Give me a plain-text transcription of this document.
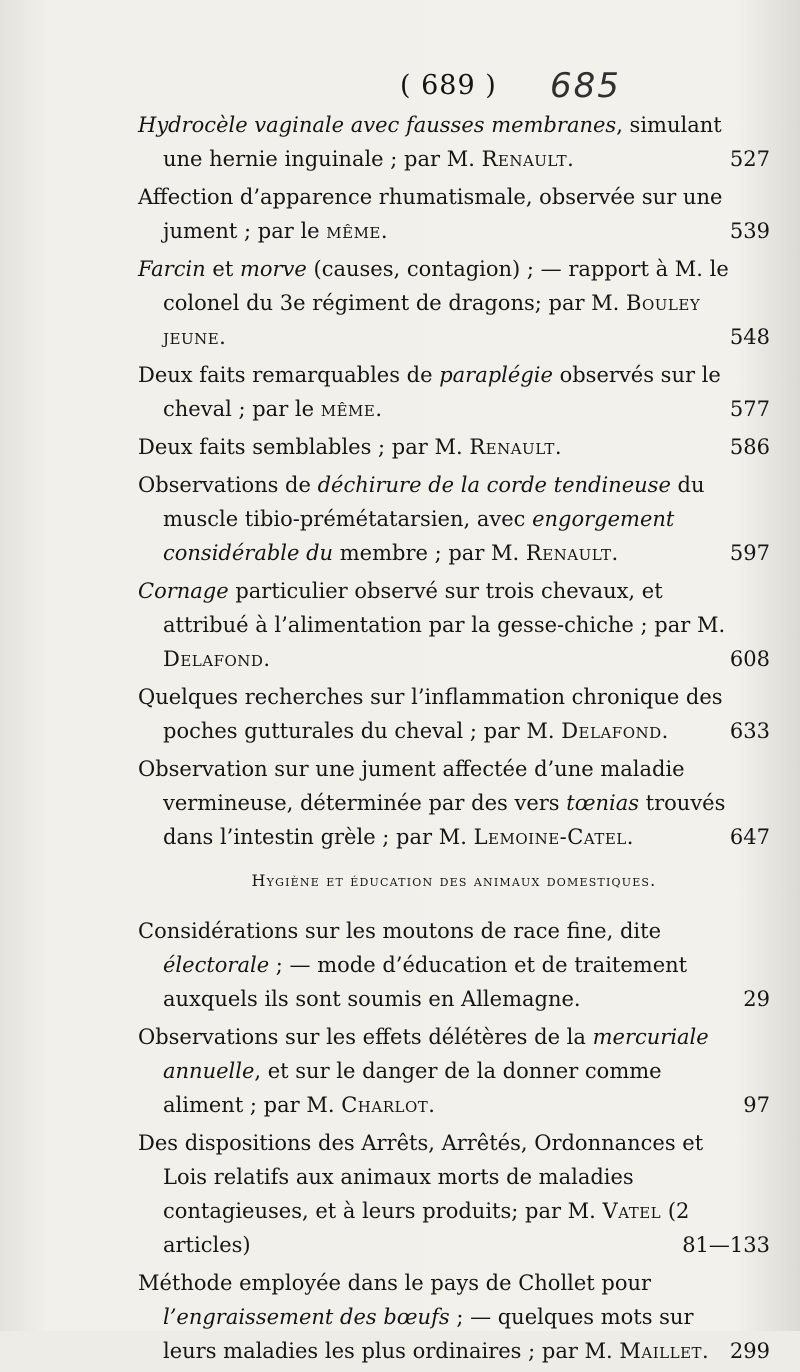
( 689 ) 685
Hydrocèle vaginale avec fausses membranes, simulant une hernie inguinale ; par M. Renault.	527
Affection d’apparence rhumatismale, observée sur une jument ; par le même.	539
Farcin et morve (causes, contagion) ; — rapport à M. le colonel du 3e régiment de dragons; par M. Bouley jeune.	548
Deux faits remarquables de paraplégie observés sur le cheval ; par le même.	577
Deux faits semblables ; par M. Renault.	586
Observations de déchirure de la corde tendineuse du muscle tibio-prémétatarsien, avec engorgement considérable du membre ; par M. Renault.	597
Cornage particulier observé sur trois chevaux, et attribué à l’alimentation par la gesse-chiche ; par M. Delafond.	608
Quelques recherches sur l’inflammation chronique des poches gutturales du cheval ; par M. Delafond.	633
Observation sur une jument affectée d’une maladie vermineuse, déterminée par des vers tœnias trouvés dans l’intestin grèle ; par M. Lemoine-Catel.	647
Hygiène et éducation des animaux domestiques.
Considérations sur les moutons de race fine, dite électorale ; — mode d’éducation et de traitement auxquels ils sont soumis en Allemagne.	29
Observations sur les effets délétères de la mercuriale annuelle, et sur le danger de la donner comme aliment ; par M. Charlot.	97
Des dispositions des Arrêts, Arrêtés, Ordonnances et Lois relatifs aux animaux morts de maladies contagieuses, et à leurs produits; par M. Vatel (2 articles)	81—133
Méthode employée dans le pays de Chollet pour l’engraissement des bœufs ; — quelques mots sur leurs maladies les plus ordinaires ; par M. Maillet. 299
